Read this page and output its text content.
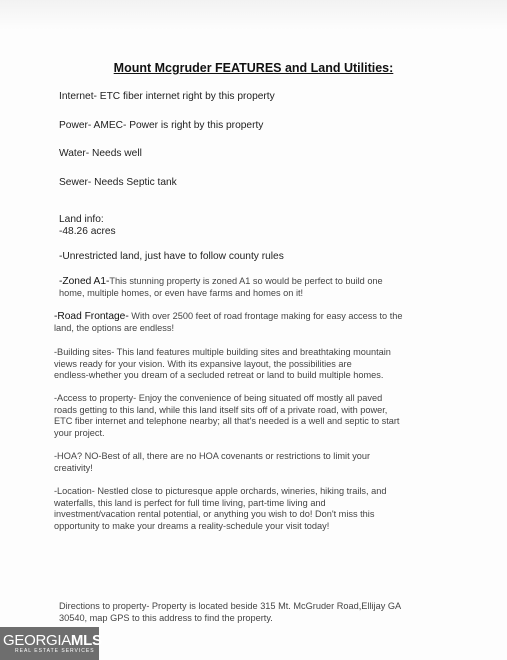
Mount Mcgruder FEATURES and Land Utilities:
Internet- ETC fiber internet right by this property
Power- AMEC- Power is right by this property
Water- Needs well
Sewer- Needs Septic tank
Land info:
-48.26 acres
-Unrestricted land, just have to follow county rules
-Zoned A1-This stunning property is zoned A1 so would be perfect to build one
home, multiple homes, or even have farms and homes on it!
-Road Frontage- With over 2500 feet of road frontage making for easy access to the
land, the options are endless!
-Building sites- This land features multiple building sites and breathtaking mountain
views ready for your vision. With its expansive layout, the possibilities are
endless-whether you dream of a secluded retreat or land to build multiple homes.
-Access to property- Enjoy the convenience of being situated off mostly all paved
roads getting to this land, while this land itself sits off of a private road, with power,
ETC fiber internet and telephone nearby; all that's needed is a well and septic to start
your project.
-HOA? NO-Best of all, there are no HOA covenants or restrictions to limit your
creativity!
-Location- Nestled close to picturesque apple orchards, wineries, hiking trails, and
waterfalls, this land is perfect for full time living, part-time living and
investment/vacation rental potential, or anything you wish to do! Don't miss this
opportunity to make your dreams a reality-schedule your visit today!
Directions to property- Property is located beside 315 Mt. McGruder Road,Ellijay GA
30540, map GPS to this address to find the property.
GEORGIAMLS
REAL ESTATE SERVICES
